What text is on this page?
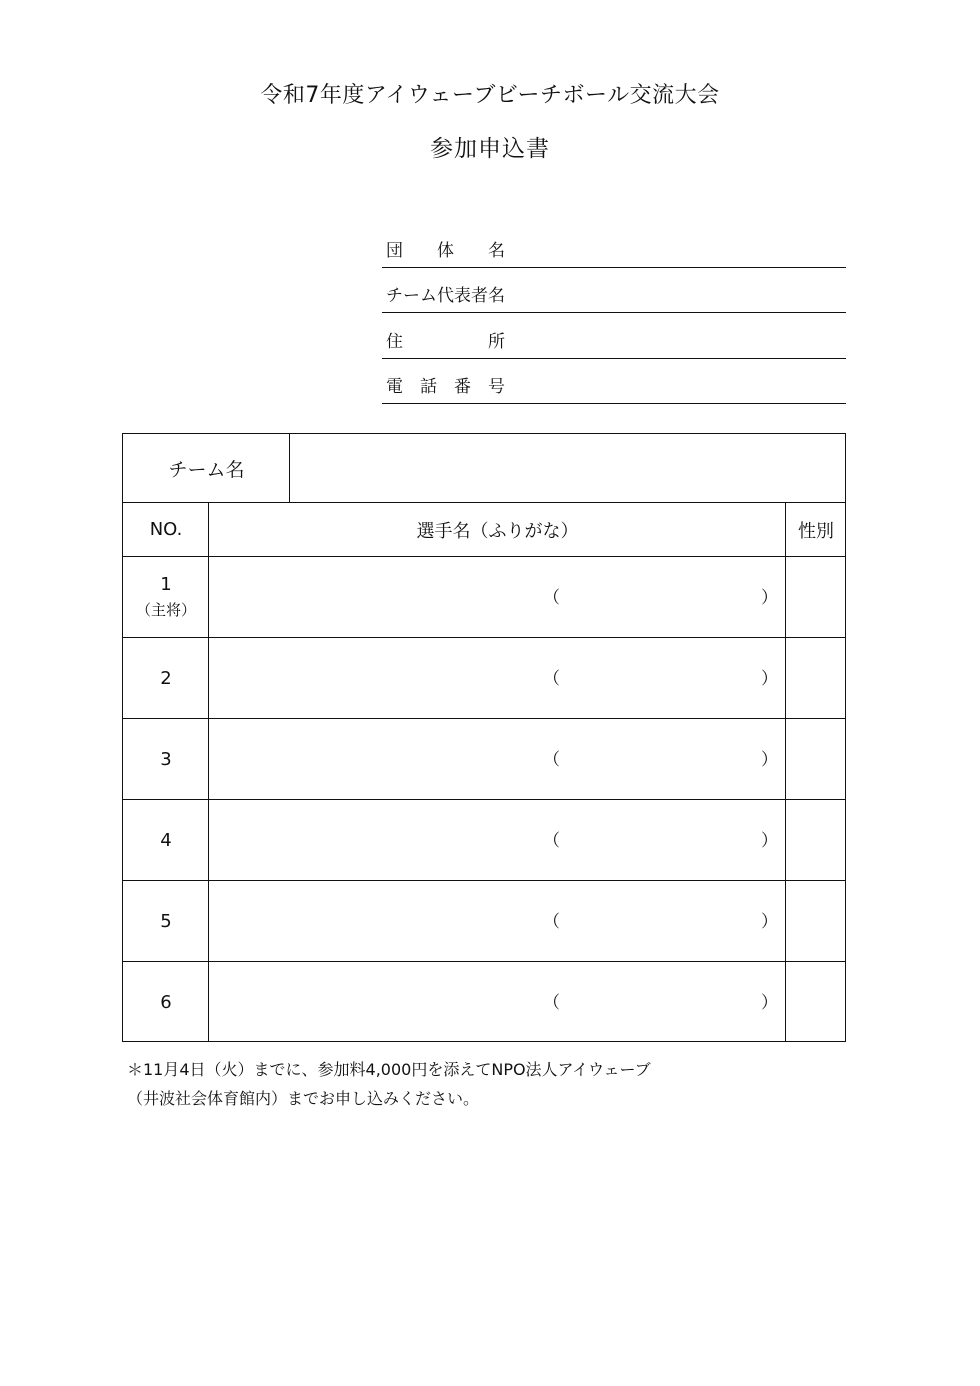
令和7年度アイウェーブビーチボール交流大会
参加申込書
団　　体　　名
チーム代表者名
住　　　　　所
電　話　番　号
チーム名
NO.	選手名（ふりがな）	性別
1
（主将）
（	）
2	（	）
3	（	）
4	（	）
5	（	）
6	（	）
＊11月4日（火）までに、参加料4,000円を添えてNPO法人アイウェーブ
（井波社会体育館内）までお申し込みください。
